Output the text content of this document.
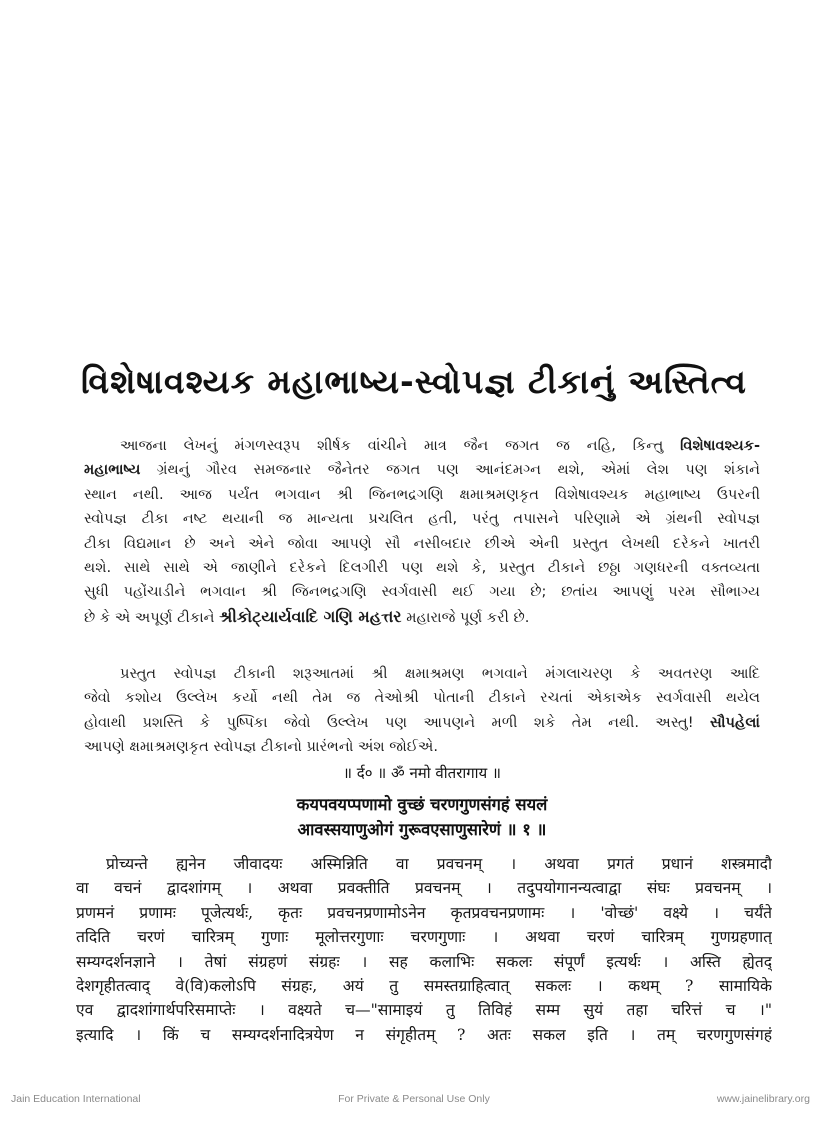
વિશેષાવશ્યક મહાભાષ્ય-સ્વોપજ્ઞ ટીકાનું અસ્તિત્વ
આજના લેખનું મંગળસ્વરૂપ શીર્ષક વાંચીને માત્ર જૈન જગત જ નહિ, કિન્તુ વિશેષાવશ્યક-
મહાભાષ્ય ગ્રંથનું ગૌરવ સમજનાર જૈનેતર જગત પણ આનંદમગ્ન થશે, એમાં લેશ પણ શંકાને
સ્થાન નથી. આજ પર્યંત ભગવાન શ્રી જિનભદ્રગણિ ક્ષમાશ્રમણકૃત વિશેષાવશ્યક મહાભાષ્ય ઉપરની
સ્વોપજ્ઞ ટીકા નષ્ટ થયાની જ માન્યતા પ્રચલિત હતી, પરંતુ તપાસને પરિણામે એ ગ્રંથની સ્વોપજ્ઞ
ટીકા વિદ્યમાન છે અને એને જોવા આપણે સૌ નસીબદાર છીએ એની પ્રસ્તુત લેખથી દરેકને ખાતરી
થશે. સાથે સાથે એ જાણીને દરેકને દિલગીરી પણ થશે કે, પ્રસ્તુત ટીકાને છઠ્ઠા ગણધરની વક્તવ્યતા
સુધી પહોંચાડીને ભગવાન શ્રી જિનભદ્રગણિ સ્વર્ગવાસી થઈ ગયા છે; છતાંય આપણું પરમ સૌભાગ્ય
છે કે એ અપૂર્ણ ટીકાને શ્રીકોટ્યાર્યવાદિ ગણિ મહત્તર મહારાજે પૂર્ણ કરી છે.
પ્રસ્તુત સ્વોપજ્ઞ ટીકાની શરૂઆતમાં શ્રી ક્ષમાશ્રમણ ભગવાને મંગલાચરણ કે અવતરણ આદિ
જેવો કશોય ઉલ્લેખ કર્યો નથી તેમ જ તેઓશ્રી પોતાની ટીકાને રચતાં એકાએક સ્વર્ગવાસી થયેલ
હોવાથી પ્રશસ્તિ કે પુષ્પિકા જેવો ઉલ્લેખ પણ આપણને મળી શકે તેમ નથી. અસ્તુ! સૌપહેલાં
આપણે ક્ષમાશ્રમણકૃત સ્વોપજ્ઞ ટીકાનો પ્રારંભનો અંશ જોઈએ.
॥ र्द० ॥ ॐ नमो वीतरागाय ॥
कयपवयप्पणामो वुच्छं चरणगुणसंगहं सयलं
आवस्सयाणुओगं गुरूवएसाणुसारेणं ॥ १ ॥
प्रोच्यन्ते ह्यनेन जीवादयः अस्मिन्निति वा प्रवचनम् । अथवा प्रगतं प्रधानं शस्त्रमादौ
वा वचनं द्वादशांगम् । अथवा प्रवक्तीति प्रवचनम् । तदुपयोगानन्यत्वाद्वा संघः प्रवचनम् ।
प्रणमनं प्रणामः पूजेत्यर्थः, कृतः प्रवचनप्रणामोऽनेन कृतप्रवचनप्रणामः । 'वोच्छं' वक्ष्ये । चर्यंते
तदिति चरणं चारित्रम् गुणाः मूलोत्तरगुणाः चरणगुणाः । अथवा चरणं चारित्रम् गुणग्रहणात्
सम्यग्दर्शनज्ञाने । तेषां संग्रहणं संग्रहः । सह कलाभिः सकलः संपूर्णं इत्यर्थः । अस्ति ह्येतद्
देशगृहीतत्वाद् वे(वि)कलोऽपि संग्रहः, अयं तु समस्तग्राहित्वात् सकलः । कथम् ? सामायिके
एव द्वादशांगार्थपरिसमाप्तेः । वक्ष्यते च—"सामाइयं तु तिविहं सम्म सुयं तहा चरित्तं च ।"
इत्यादि । किं च सम्यग्दर्शनादित्रयेण न संगृहीतम् ? अतः सकल इति । तम् चरणगुणसंगहं
Jain Education International	For Private & Personal Use Only	www.jainelibrary.org
